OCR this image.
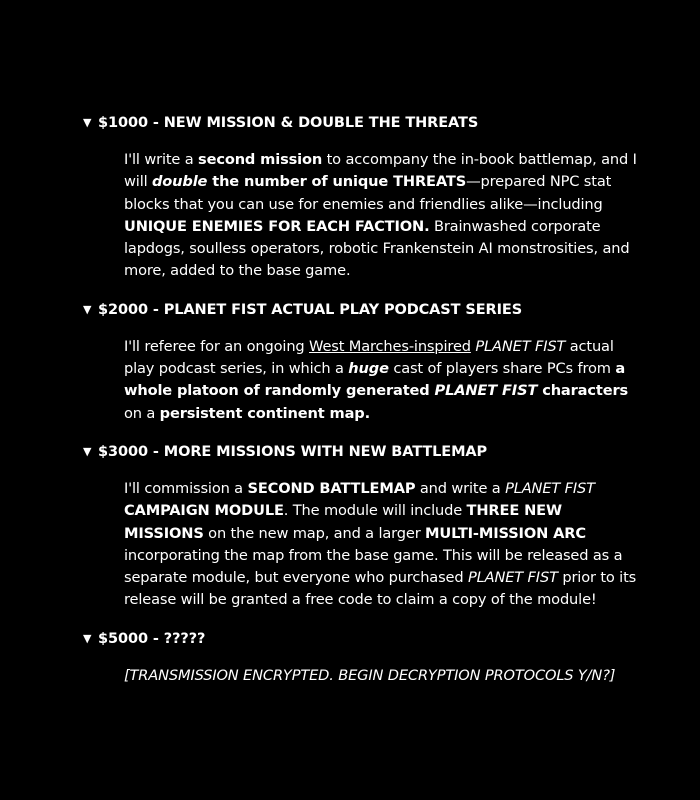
▼ $1000 - NEW MISSION & DOUBLE THE THREATS

I'll write a second mission to accompany the in-book battlemap, and I will double the number of unique THREATS—prepared NPC stat blocks that you can use for enemies and friendlies alike—including UNIQUE ENEMIES FOR EACH FACTION. Brainwashed corporate lapdogs, soulless operators, robotic Frankenstein AI monstrosities, and more, added to the base game.

▼ $2000 - PLANET FIST ACTUAL PLAY PODCAST SERIES

I'll referee for an ongoing West Marches-inspired PLANET FIST actual play podcast series, in which a huge cast of players share PCs from a whole platoon of randomly generated PLANET FIST characters on a persistent continent map.

▼ $3000 - MORE MISSIONS WITH NEW BATTLEMAP

I'll commission a SECOND BATTLEMAP and write a PLANET FIST
CAMPAIGN MODULE. The module will include THREE NEW MISSIONS on the new map, and a larger MULTI-MISSION ARC incorporating the map from the base game. This will be released as a separate module, but everyone who purchased PLANET FIST prior to its release will be granted a free code to claim a copy of the module!

▼ $5000 - ?????

[TRANSMISSION ENCRYPTED. BEGIN DECRYPTION PROTOCOLS Y/N?]
